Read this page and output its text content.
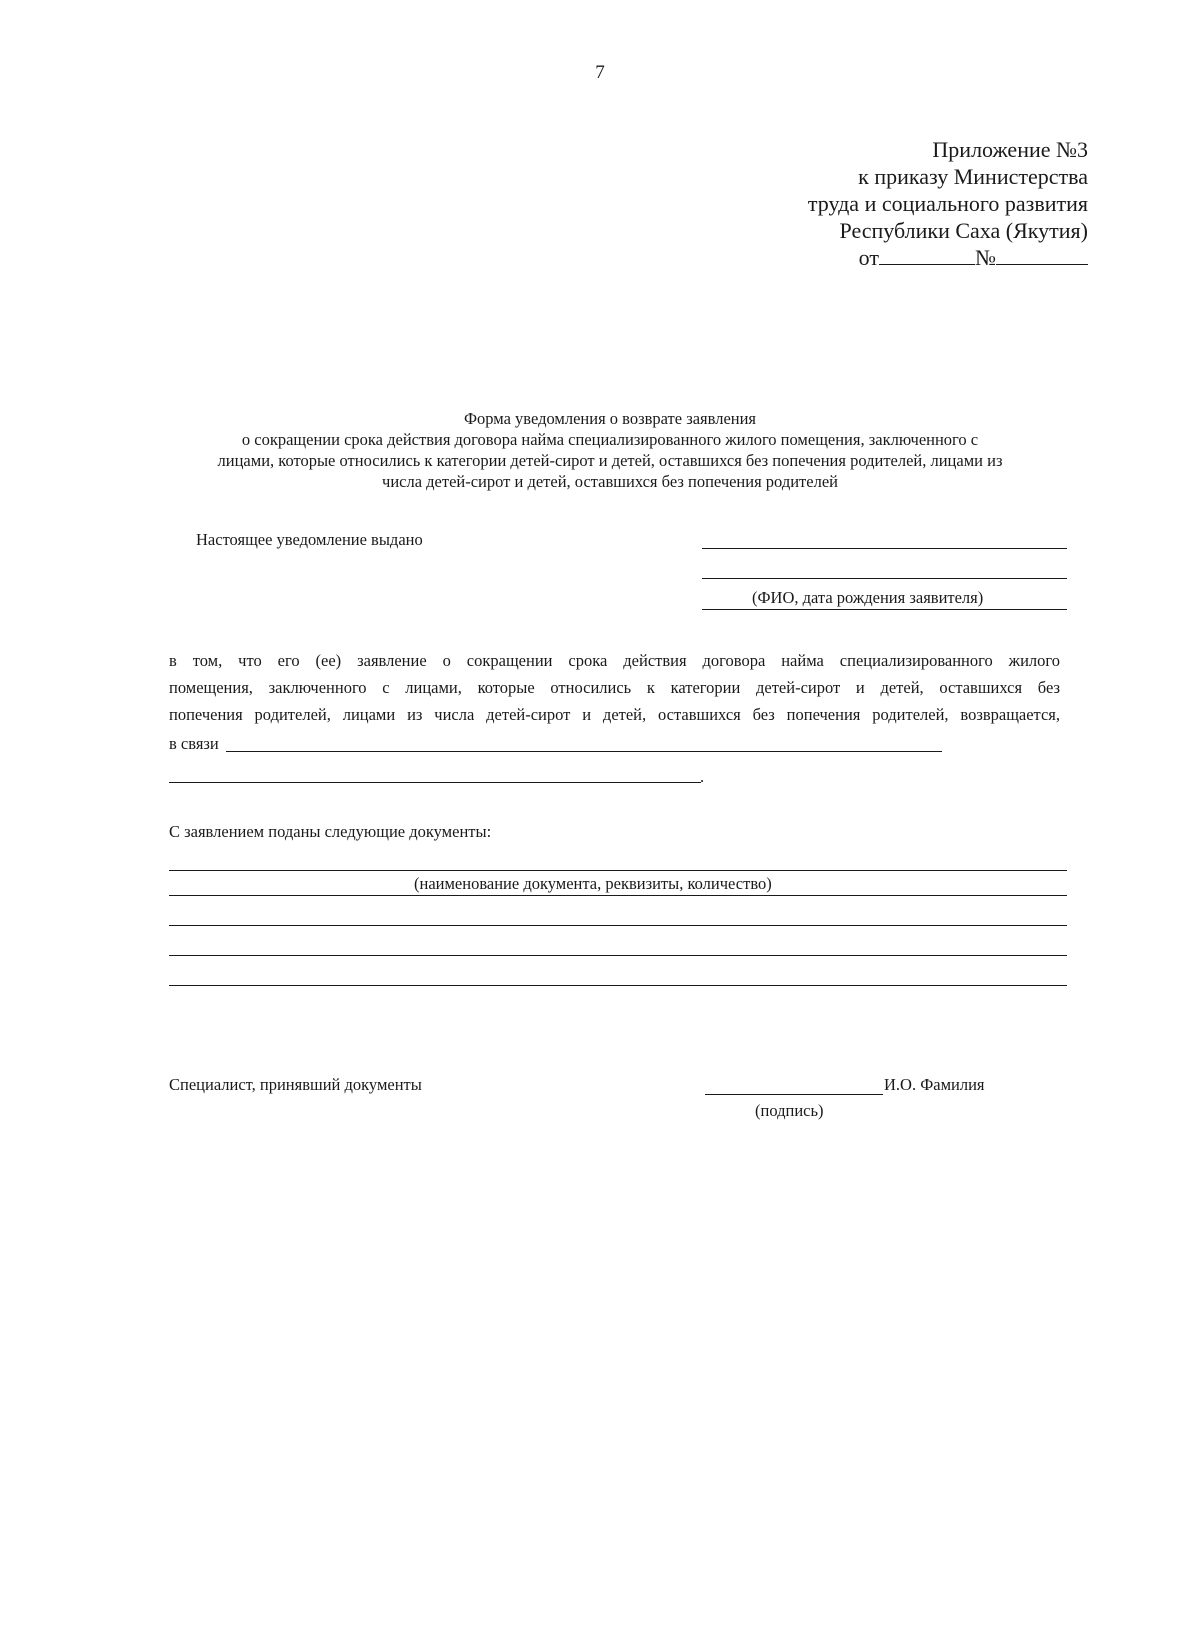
7
Приложение №3
к приказу Министерства
труда и социального развития
Республики Саха (Якутия)
от	№
Форма уведомления о возврате заявления
о сокращении срока действия договора найма специализированного жилого помещения, заключенного с
лицами, которые относились к категории детей-сирот и детей, оставшихся без попечения родителей, лицами из
числа детей-сирот и детей, оставшихся без попечения родителей
Настоящее уведомление выдано
(ФИО, дата рождения заявителя)
в том, что его (ее) заявление о сокращении срока действия договора найма специализированного жилого
помещения, заключенного с лицами, которые относились к категории детей-сирот и детей, оставшихся без
попечения родителей, лицами из числа детей-сирот и детей, оставшихся без попечения родителей, возвращается,
в связи
.
С заявлением поданы следующие документы:
(наименование документа, реквизиты, количество)
Специалист, принявший документы	И.О. Фамилия
(подпись)
